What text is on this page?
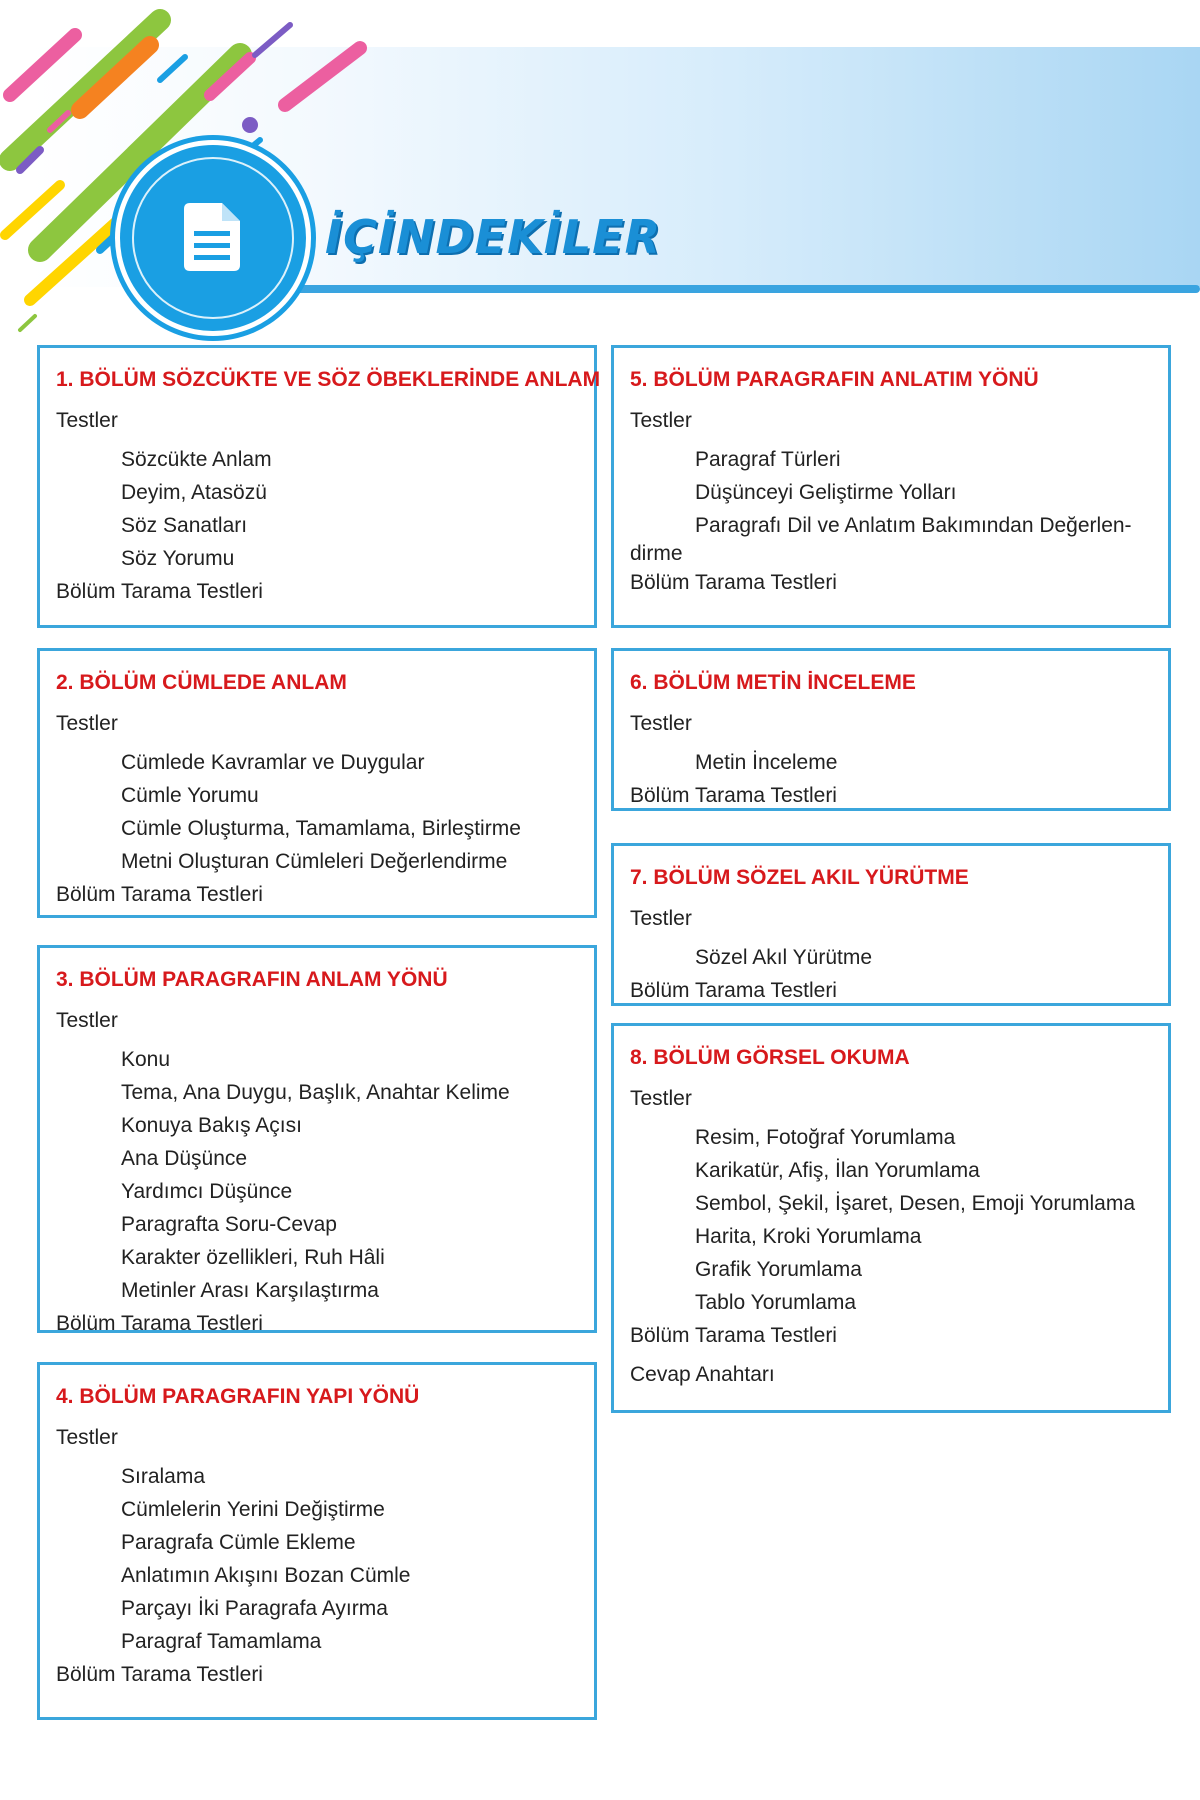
İÇİNDEKİLER
1. BÖLÜM SÖZCÜKTE VE SÖZ ÖBEKLERİNDE ANLAM
Testler
Sözcükte Anlam
Deyim, Atasözü
Söz Sanatları
Söz Yorumu
Bölüm Tarama Testleri
2. BÖLÜM CÜMLEDE ANLAM
Testler
Cümlede Kavramlar ve Duygular
Cümle Yorumu
Cümle Oluşturma, Tamamlama, Birleştirme
Metni Oluşturan Cümleleri Değerlendirme
Bölüm Tarama Testleri
3. BÖLÜM PARAGRAFIN ANLAM YÖNÜ
Testler
Konu
Tema, Ana Duygu, Başlık, Anahtar Kelime
Konuya Bakış Açısı
Ana Düşünce
Yardımcı Düşünce
Paragrafta Soru-Cevap
Karakter özellikleri, Ruh Hâli
Metinler Arası Karşılaştırma
Bölüm Tarama Testleri
4. BÖLÜM PARAGRAFIN YAPI YÖNÜ
Testler
Sıralama
Cümlelerin Yerini Değiştirme
Paragrafa Cümle Ekleme
Anlatımın Akışını Bozan Cümle
Parçayı İki Paragrafa Ayırma
Paragraf Tamamlama
Bölüm Tarama Testleri
5. BÖLÜM PARAGRAFIN ANLATIM YÖNÜ
Testler
Paragraf Türleri
Düşünceyi Geliştirme Yolları
Paragrafı Dil ve Anlatım Bakımından Değerlen-
dirme
Bölüm Tarama Testleri
6. BÖLÜM METİN İNCELEME
Testler
Metin İnceleme
Bölüm Tarama Testleri
7. BÖLÜM SÖZEL AKIL YÜRÜTME
Testler
Sözel Akıl Yürütme
Bölüm Tarama Testleri
8. BÖLÜM GÖRSEL OKUMA
Testler
Resim, Fotoğraf Yorumlama
Karikatür, Afiş, İlan Yorumlama
Sembol, Şekil, İşaret, Desen, Emoji Yorumlama
Harita, Kroki Yorumlama
Grafik Yorumlama
Tablo Yorumlama
Bölüm Tarama Testleri
Cevap Anahtarı
